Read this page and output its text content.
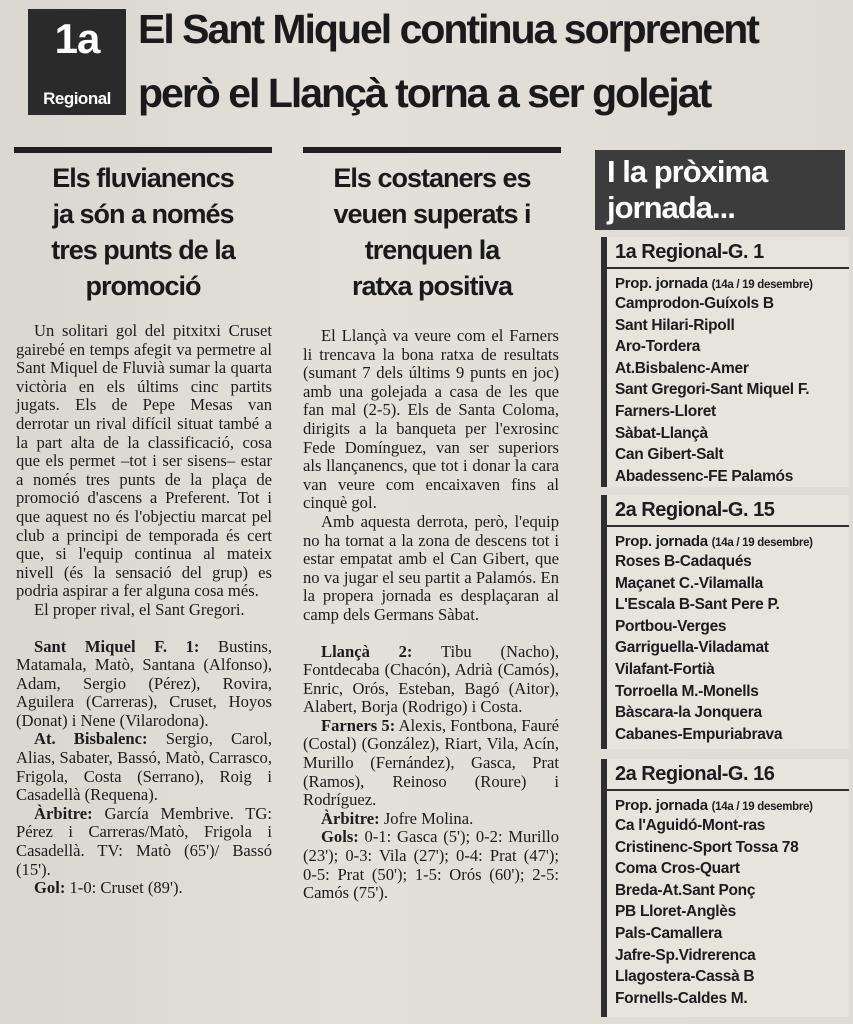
1a
Regional
El Sant Miquel continua sorprenent
però el Llançà torna a ser golejat
Els fluvianencs
ja són a només
tres punts de la
promoció

Un solitari gol del pitxitxi Cruset gairebé en temps afegit va permetre al Sant Miquel de Fluvià sumar la quarta victòria en els últims cinc partits jugats. Els de Pepe Mesas van derrotar un rival difícil situat també a la part alta de la classificació, cosa que els permet –tot i ser sisens– estar a només tres punts de la plaça de promoció d'ascens a Preferent. Tot i que aquest no és l'objectiu marcat pel club a principi de temporada és cert que, si l'equip continua al mateix nivell (és la sensació del grup) es podria aspirar a fer alguna cosa més.

El proper rival, el Sant Gregori.

Sant Miquel F. 1: Bustins, Matamala, Matò, Santana (Alfonso), Adam, Sergio (Pérez), Rovira, Aguilera (Carreras), Cruset, Hoyos (Donat) i Nene (Vilarodona).

At. Bisbalenc: Sergio, Carol, Alias, Sabater, Bassó, Matò, Carrasco, Frigola, Costa (Serrano), Roig i Casadellà (Requena).

Àrbitre: García Membrive. TG: Pérez i Carreras/Matò, Frigola i Casadellà. TV: Matò (65')/ Bassó (15').

Gol: 1-0: Cruset (89').

Els costaners es
veuen superats i
trenquen la
ratxa positiva

El Llançà va veure com el Farners li trencava la bona ratxa de resultats (sumant 7 dels últims 9 punts en joc) amb una golejada a casa de les que fan mal (2-5). Els de Santa Coloma, dirigits a la banqueta per l'exrosinc Fede Domínguez, van ser superiors als llançanencs, que tot i donar la cara van veure com encaixaven fins al cinquè gol.

Amb aquesta derrota, però, l'equip no ha tornat a la zona de descens tot i estar empatat amb el Can Gibert, que no va jugar el seu partit a Palamós. En la propera jornada es desplaçaran al camp dels Germans Sàbat.

Llançà 2: Tibu (Nacho), Fontdecaba (Chacón), Adrià (Camós), Enric, Orós, Esteban, Bagó (Aitor), Alabert, Borja (Rodrigo) i Costa.

Farners 5: Alexis, Fontbona, Fauré (Costal) (González), Riart, Vila, Acín, Murillo (Fernández), Gasca, Prat (Ramos), Reinoso (Roure) i Rodríguez.

Àrbitre: Jofre Molina.

Gols: 0-1: Gasca (5'); 0-2: Murillo (23'); 0-3: Vila (27'); 0-4: Prat (47'); 0-5: Prat (50'); 1-5: Orós (60'); 2-5: Camós (75').

I la pròxima
jornada...
1a Regional-G. 1
Prop. jornada (14a / 19 desembre)
Camprodon-Guíxols B
Sant Hilari-Ripoll
Aro-Tordera
At.Bisbalenc-Amer
Sant Gregori-Sant Miquel F.
Farners-Lloret
Sàbat-Llançà
Can Gibert-Salt
Abadessenc-FE Palamós
2a Regional-G. 15
Prop. jornada (14a / 19 desembre)
Roses B-Cadaqués
Maçanet C.-Vilamalla
L'Escala B-Sant Pere P.
Portbou-Verges
Garriguella-Viladamat
Vilafant-Fortià
Torroella M.-Monells
Bàscara-la Jonquera
Cabanes-Empuriabrava
2a Regional-G. 16
Prop. jornada (14a / 19 desembre)
Ca l'Aguidó-Mont-ras
Cristinenc-Sport Tossa 78
Coma Cros-Quart
Breda-At.Sant Ponç
PB Lloret-Anglès
Pals-Camallera
Jafre-Sp.Vidrerenca
Llagostera-Cassà B
Fornells-Caldes M.
